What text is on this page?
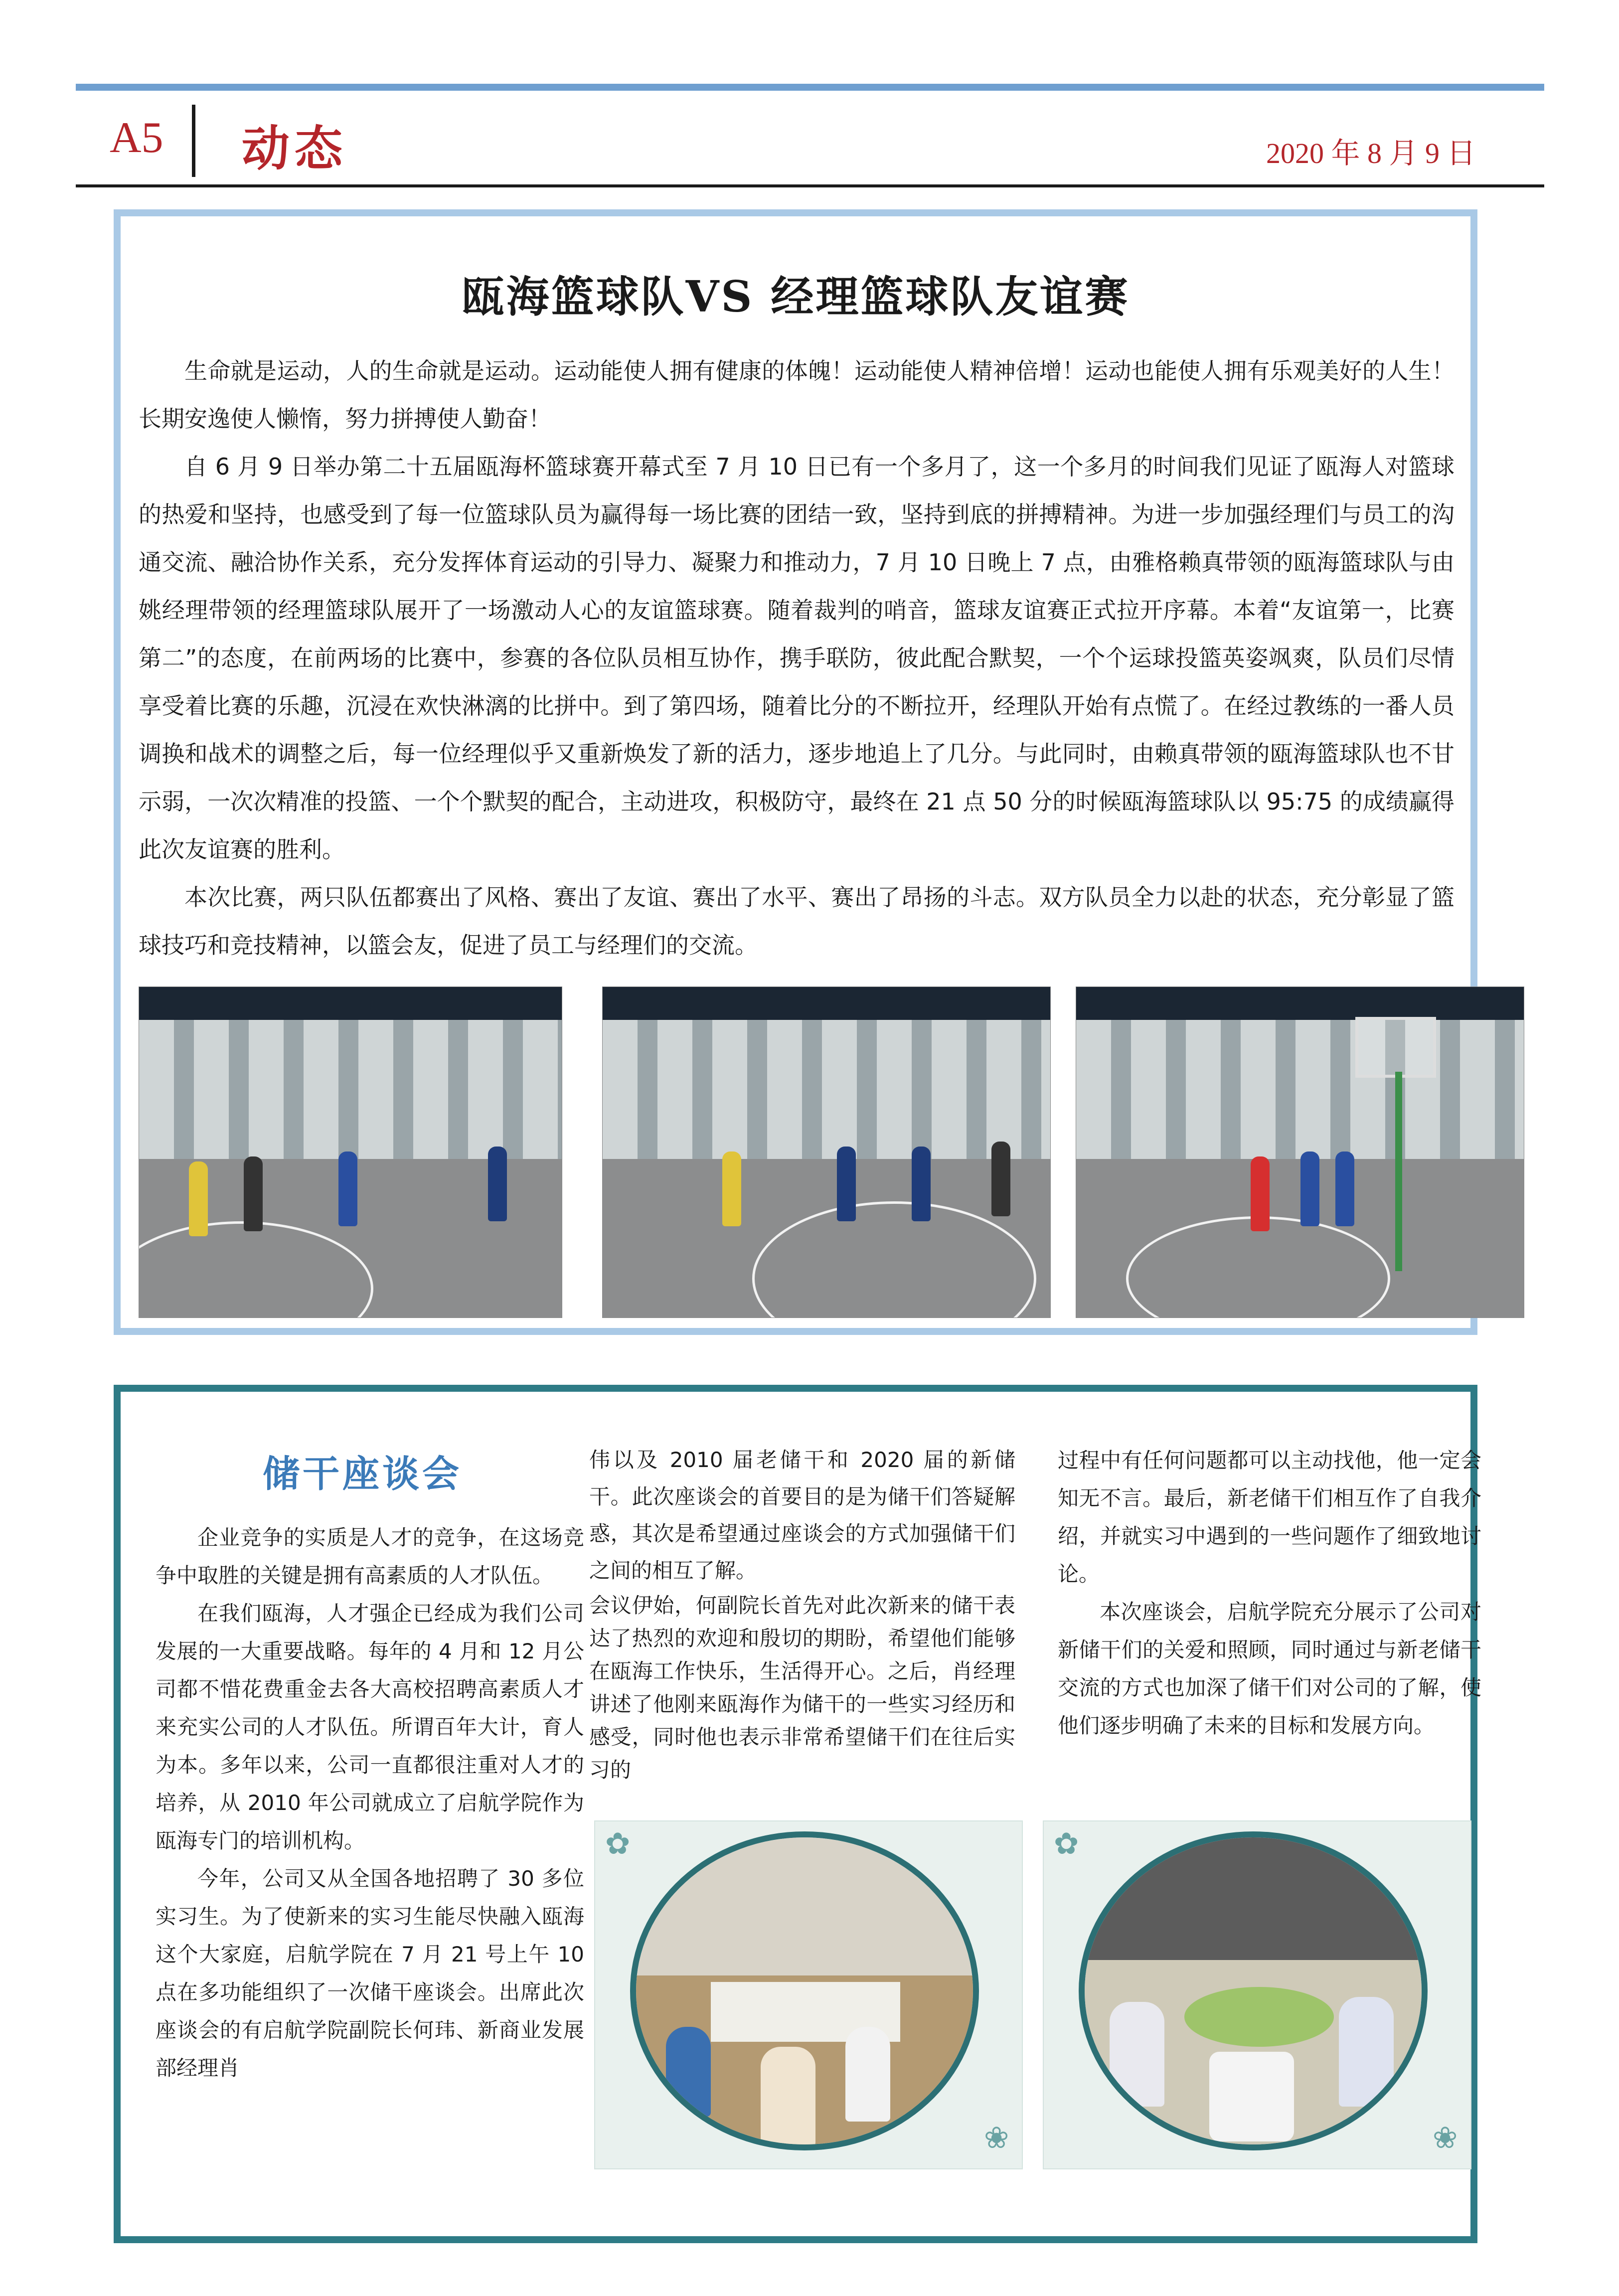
A5 动态	2020 年 8 月 9 日
瓯海篮球队VS 经理篮球队友谊赛

生命就是运动，人的生命就是运动。运动能使人拥有健康的体魄！运动能使人精神倍增！运动也能使人拥有乐观美好的人生！长期安逸使人懒惰，努力拼搏使人勤奋！

自 6 月 9 日举办第二十五届瓯海杯篮球赛开幕式至 7 月 10 日已有一个多月了，这一个多月的时间我们见证了瓯海人对篮球的热爱和坚持，也感受到了每一位篮球队员为赢得每一场比赛的团结一致，坚持到底的拼搏精神。为进一步加强经理们与员工的沟通交流、融洽协作关系，充分发挥体育运动的引导力、凝聚力和推动力，7 月 10 日晚上 7 点，由雅格赖真带领的瓯海篮球队与由姚经理带领的经理篮球队展开了一场激动人心的友谊篮球赛。随着裁判的哨音，篮球友谊赛正式拉开序幕。本着“友谊第一，比赛第二”的态度，在前两场的比赛中，参赛的各位队员相互协作，携手联防，彼此配合默契，一个个运球投篮英姿飒爽，队员们尽情享受着比赛的乐趣，沉浸在欢快淋漓的比拼中。到了第四场，随着比分的不断拉开，经理队开始有点慌了。在经过教练的一番人员调换和战术的调整之后，每一位经理似乎又重新焕发了新的活力，逐步地追上了几分。与此同时，由赖真带领的瓯海篮球队也不甘示弱，一次次精准的投篮、一个个默契的配合，主动进攻，积极防守，最终在 21 点 50 分的时候瓯海篮球队以 95:75 的成绩赢得此次友谊赛的胜利。

本次比赛，两只队伍都赛出了风格、赛出了友谊、赛出了水平、赛出了昂扬的斗志。双方队员全力以赴的状态，充分彰显了篮球技巧和竞技精神，以篮会友，促进了员工与经理们的交流。

储干座谈会

企业竞争的实质是人才的竞争，在这场竞争中取胜的关键是拥有高素质的人才队伍。

在我们瓯海，人才强企已经成为我们公司发展的一大重要战略。每年的 4 月和 12 月公司都不惜花费重金去各大高校招聘高素质人才来充实公司的人才队伍。所谓百年大计，育人为本。多年以来，公司一直都很注重对人才的培养，从 2010 年公司就成立了启航学院作为瓯海专门的培训机构。

今年，公司又从全国各地招聘了 30 多位实习生。为了使新来的实习生能尽快融入瓯海这个大家庭，启航学院在 7 月 21 号上午 10 点在多功能组织了一次储干座谈会。出席此次座谈会的有启航学院副院长何玮、新商业发展部经理肖

伟以及 2010 届老储干和 2020 届的新储干。此次座谈会的首要目的是为储干们答疑解惑，其次是希望通过座谈会的方式加强储干们之间的相互了解。

会议伊始，何副院长首先对此次新来的储干表达了热烈的欢迎和殷切的期盼，希望他们能够在瓯海工作快乐，生活得开心。之后，肖经理讲述了他刚来瓯海作为储干的一些实习经历和感受，同时他也表示非常希望储干们在往后实习的

过程中有任何问题都可以主动找他，他一定会知无不言。最后，新老储干们相互作了自我介绍，并就实习中遇到的一些问题作了细致地讨论。

本次座谈会，启航学院充分展示了公司对新储干们的关爱和照顾，同时通过与新老储干交流的方式也加深了储干们对公司的了解，使他们逐步明确了未来的目标和发展方向。

✿
❀
✿
❀
